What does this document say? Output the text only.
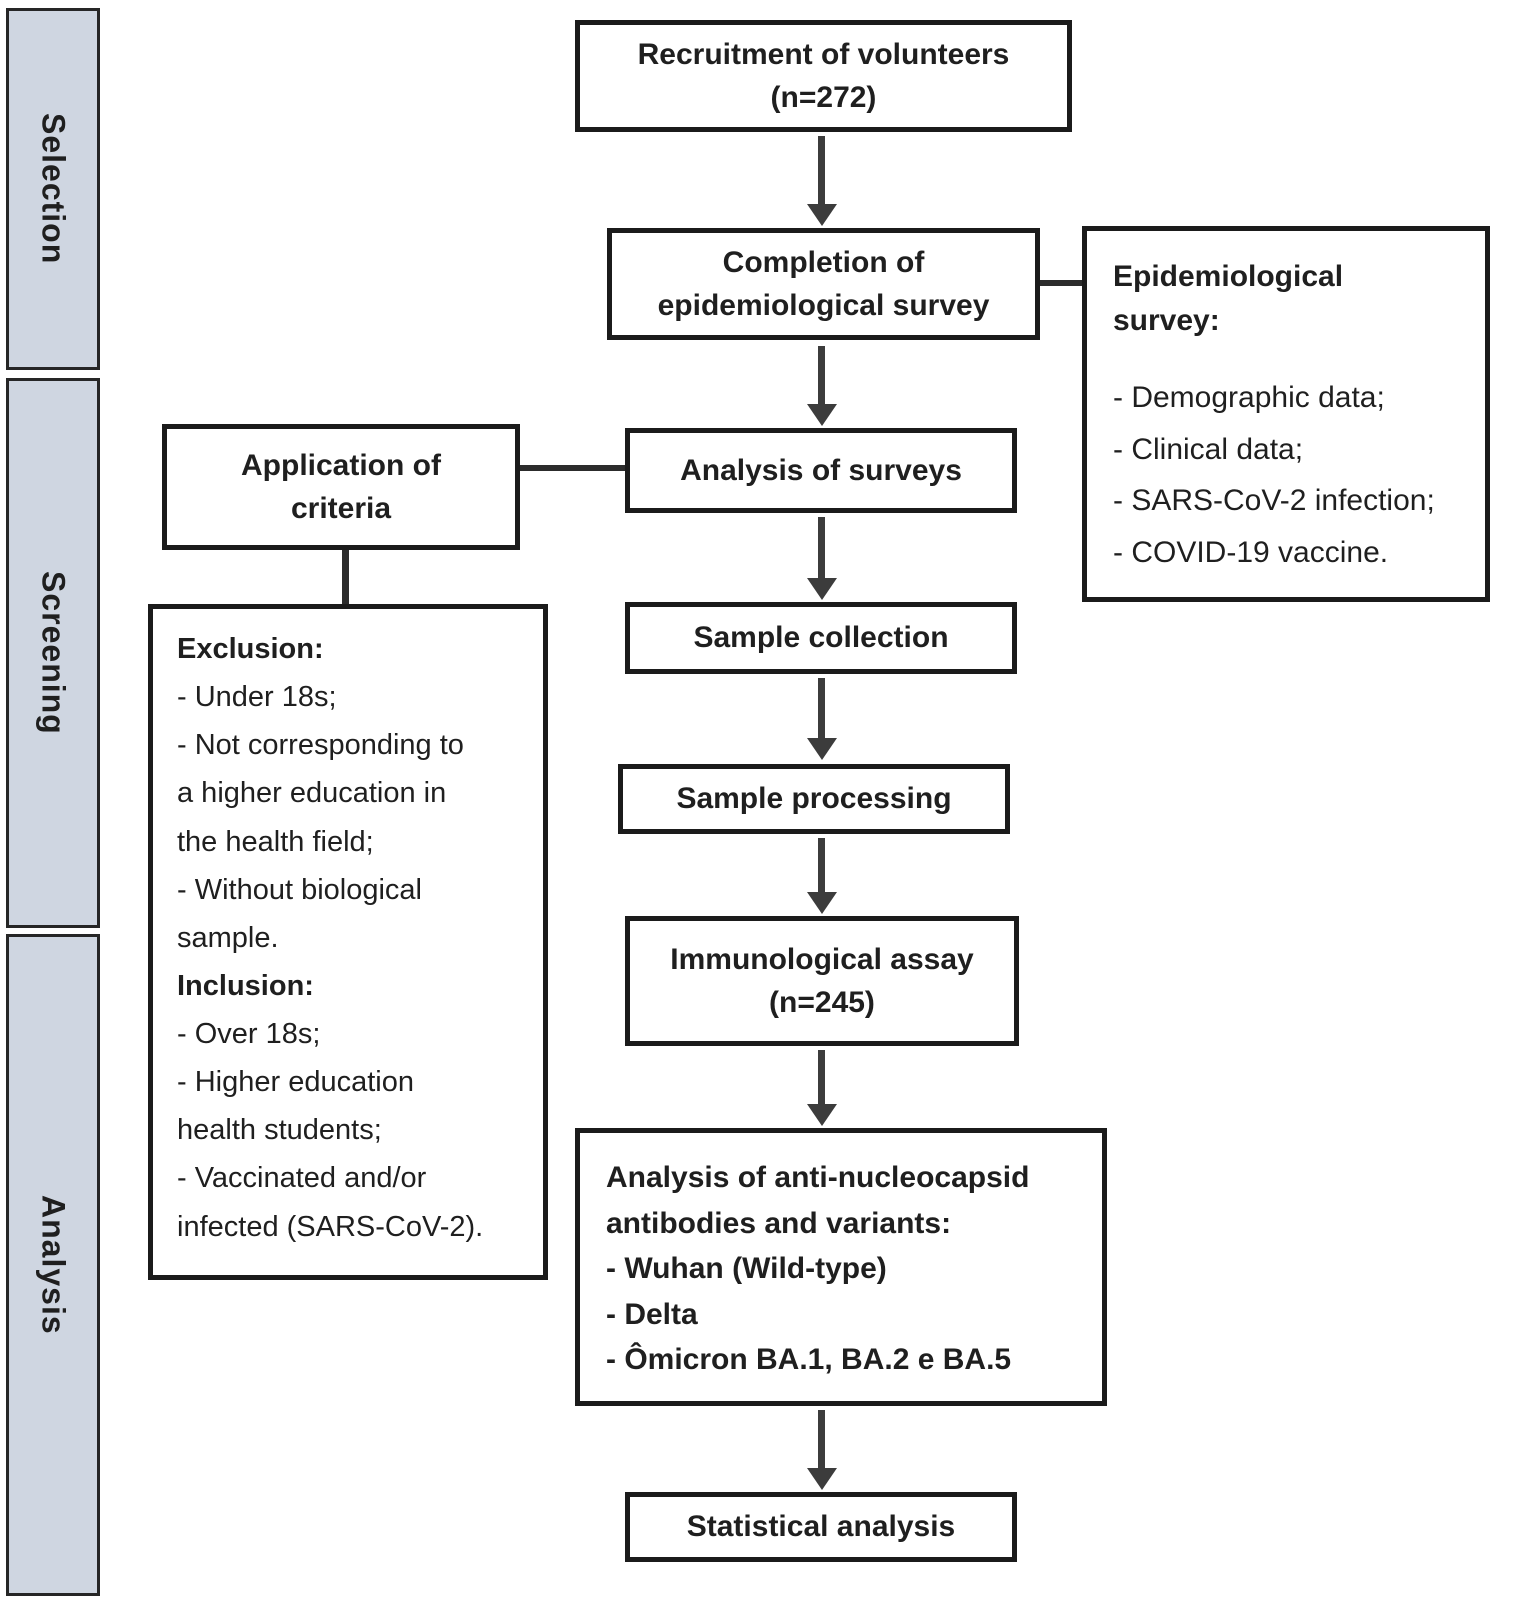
Selection
Screening
Analysis
Recruitment of volunteers
(n=272)
Completion of
epidemiological survey
Epidemiological
survey:
- Demographic data;
- Clinical data;
- SARS-CoV-2 infection;
- COVID-19 vaccine.
Application of
criteria
Analysis of surveys
Exclusion:
- Under 18s;
- Not corresponding to a higher education in the health field;
- Without biological sample.
Inclusion:
- Over 18s;
- Higher education health students;
- Vaccinated and/or infected (SARS-CoV-2).
Sample collection
Sample processing
Immunological assay
(n=245)
Analysis of anti-nucleocapsid antibodies and variants:
- Wuhan (Wild-type)
- Delta
- Ômicron BA.1, BA.2 e BA.5
Statistical analysis
